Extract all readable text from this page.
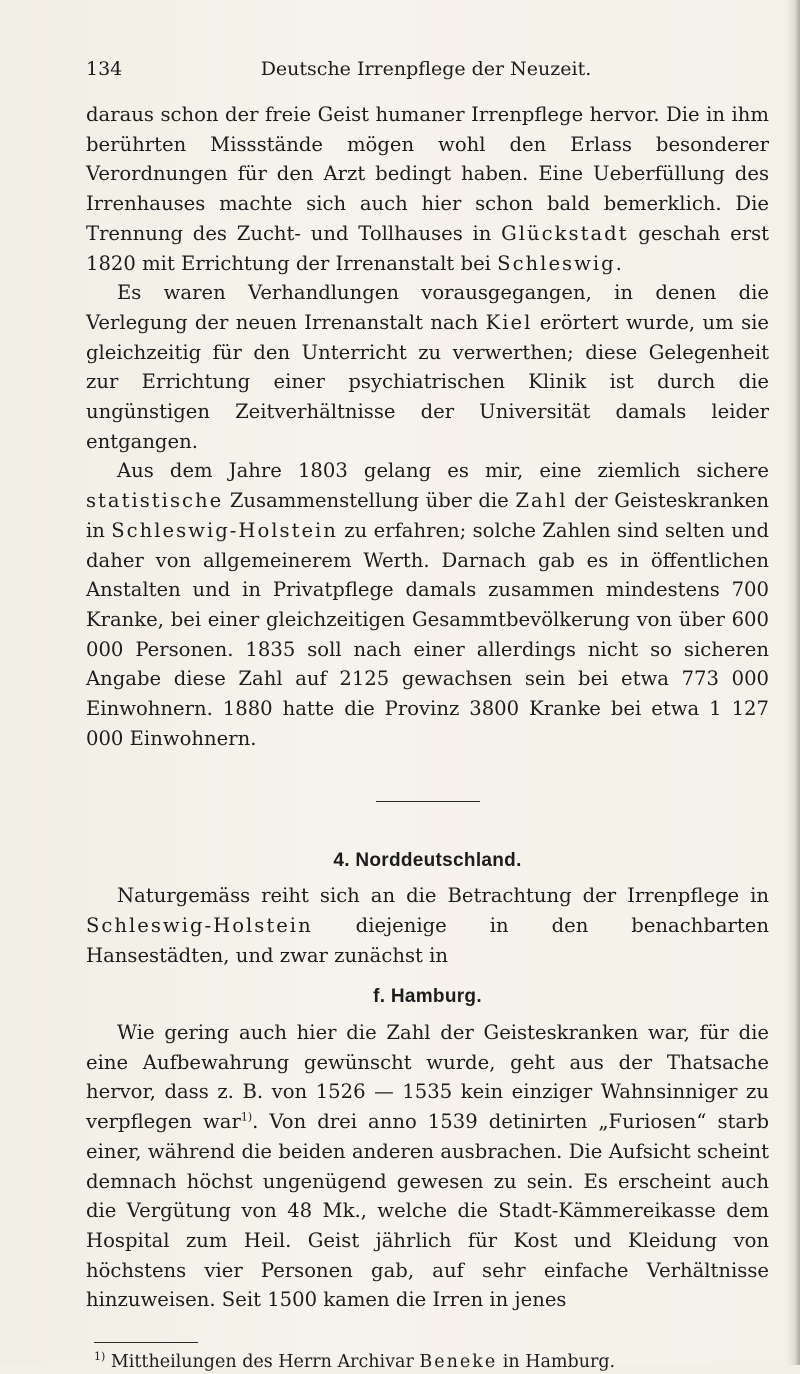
134	Deutsche Irrenpflege der Neuzeit.

daraus schon der freie Geist humaner Irrenpflege hervor. Die in ihm berührten Missstände mögen wohl den Erlass besonderer Verordnungen für den Arzt bedingt haben. Eine Ueberfüllung des Irrenhauses machte sich auch hier schon bald bemerklich. Die Trennung des Zucht- und Tollhauses in Glückstadt geschah erst 1820 mit Errichtung der Irrenanstalt bei Schleswig.

Es waren Verhandlungen vorausgegangen, in denen die Verlegung der neuen Irrenanstalt nach Kiel erörtert wurde, um sie gleichzeitig für den Unterricht zu verwerthen; diese Gelegenheit zur Errichtung einer psychiatrischen Klinik ist durch die ungünstigen Zeitverhältnisse der Universität damals leider entgangen.

Aus dem Jahre 1803 gelang es mir, eine ziemlich sichere statistische Zusammenstellung über die Zahl der Geisteskranken in Schleswig-Holstein zu erfahren; solche Zahlen sind selten und daher von allgemeinerem Werth. Darnach gab es in öffentlichen Anstalten und in Privatpflege damals zusammen mindestens 700 Kranke, bei einer gleichzeitigen Gesammtbevölkerung von über 600 000 Personen. 1835 soll nach einer allerdings nicht so sicheren Angabe diese Zahl auf 2125 gewachsen sein bei etwa 773 000 Einwohnern. 1880 hatte die Provinz 3800 Kranke bei etwa 1 127 000 Einwohnern.

4. Norddeutschland.

Naturgemäss reiht sich an die Betrachtung der Irrenpflege in Schleswig-Holstein diejenige in den benachbarten Hansestädten, und zwar zunächst in

f. Hamburg.

Wie gering auch hier die Zahl der Geisteskranken war, für die eine Aufbewahrung gewünscht wurde, geht aus der Thatsache hervor, dass z. B. von 1526 — 1535 kein einziger Wahnsinniger zu verpflegen war$^{1)}$. Von drei anno 1539 detinirten „Furiosen“ starb einer, während die beiden anderen ausbrachen. Die Aufsicht scheint demnach höchst ungenügend gewesen zu sein. Es erscheint auch die Vergütung von 48 Mk., welche die Stadt-Kämmereikasse dem Hospital zum Heil. Geist jährlich für Kost und Kleidung von höchstens vier Personen gab, auf sehr einfache Verhältnisse hinzuweisen. Seit 1500 kamen die Irren in jenes

$^{1)}$ Mittheilungen des Herrn Archivar Beneke in Hamburg.
